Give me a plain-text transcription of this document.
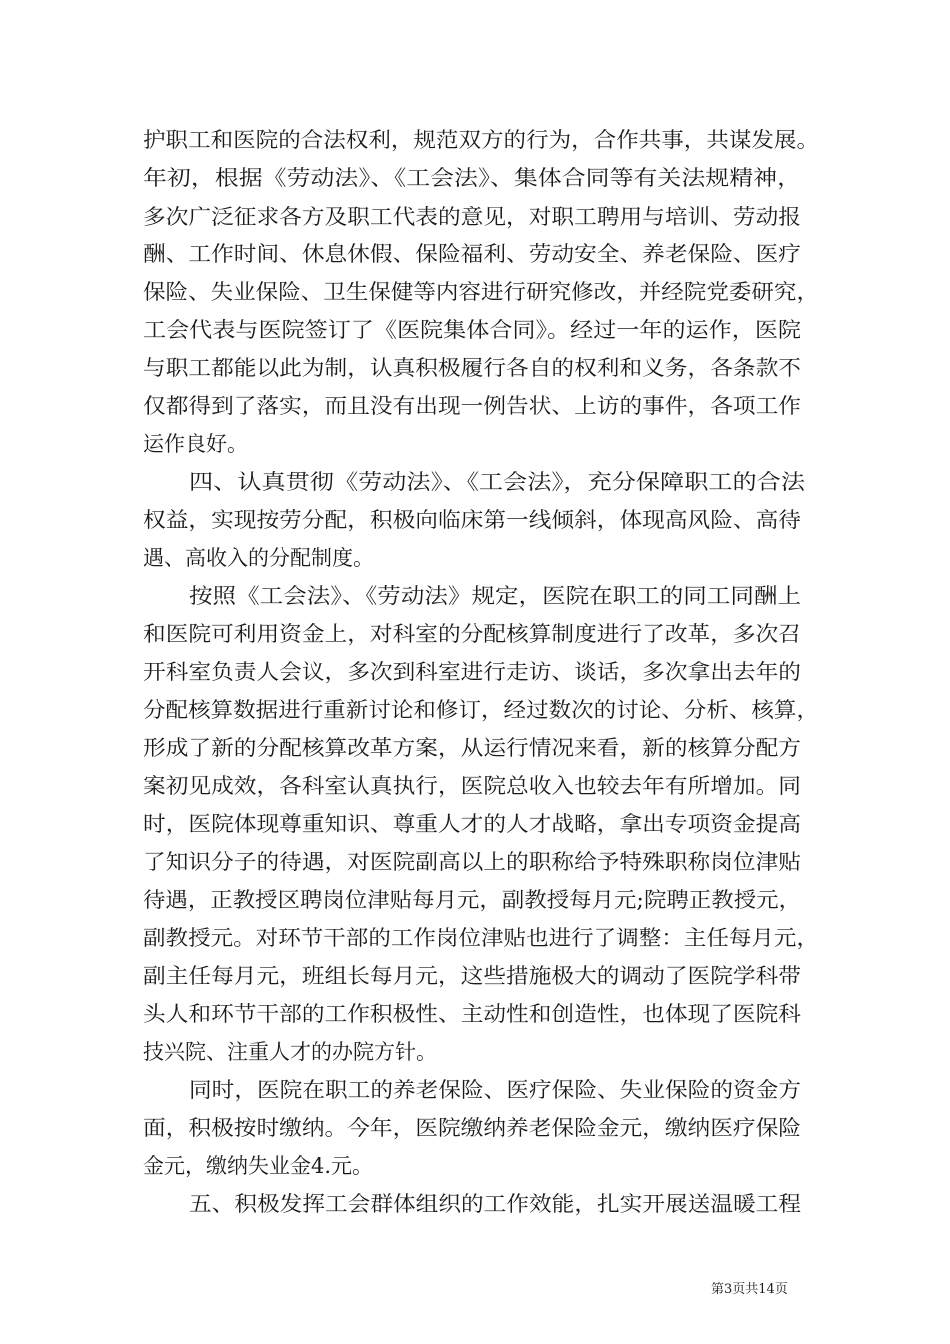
护职工和医院的合法权利，规范双方的行为，合作共事，共谋发展。
年初，根据《劳动法》、《工会法》、集体合同等有关法规精神，
多次广泛征求各方及职工代表的意见，对职工聘用与培训、劳动报
酬、工作时间、休息休假、保险福利、劳动安全、养老保险、医疗
保险、失业保险、卫生保健等内容进行研究修改，并经院党委研究，
工会代表与医院签订了《医院集体合同》。经过一年的运作，医院
与职工都能以此为制，认真积极履行各自的权利和义务，各条款不
仅都得到了落实，而且没有出现一例告状、上访的事件，各项工作
运作良好。
四、认真贯彻《劳动法》、《工会法》，充分保障职工的合法
权益，实现按劳分配，积极向临床第一线倾斜，体现高风险、高待
遇、高收入的分配制度。
按照《工会法》、《劳动法》规定，医院在职工的同工同酬上
和医院可利用资金上，对科室的分配核算制度进行了改革，多次召
开科室负责人会议，多次到科室进行走访、谈话，多次拿出去年的
分配核算数据进行重新讨论和修订，经过数次的讨论、分析、核算，
形成了新的分配核算改革方案，从运行情况来看，新的核算分配方
案初见成效，各科室认真执行，医院总收入也较去年有所增加。同
时，医院体现尊重知识、尊重人才的人才战略，拿出专项资金提高
了知识分子的待遇，对医院副高以上的职称给予特殊职称岗位津贴
待遇，正教授区聘岗位津贴每月元，副教授每月元;院聘正教授元，
副教授元。对环节干部的工作岗位津贴也进行了调整：主任每月元，
副主任每月元，班组长每月元，这些措施极大的调动了医院学科带
头人和环节干部的工作积极性、主动性和创造性，也体现了医院科
技兴院、注重人才的办院方针。
同时，医院在职工的养老保险、医疗保险、失业保险的资金方
面，积极按时缴纳。今年，医院缴纳养老保险金元，缴纳医疗保险
金元，缴纳失业金4.元。
五、积极发挥工会群体组织的工作效能，扎实开展送温暖工程
第3页共14页
